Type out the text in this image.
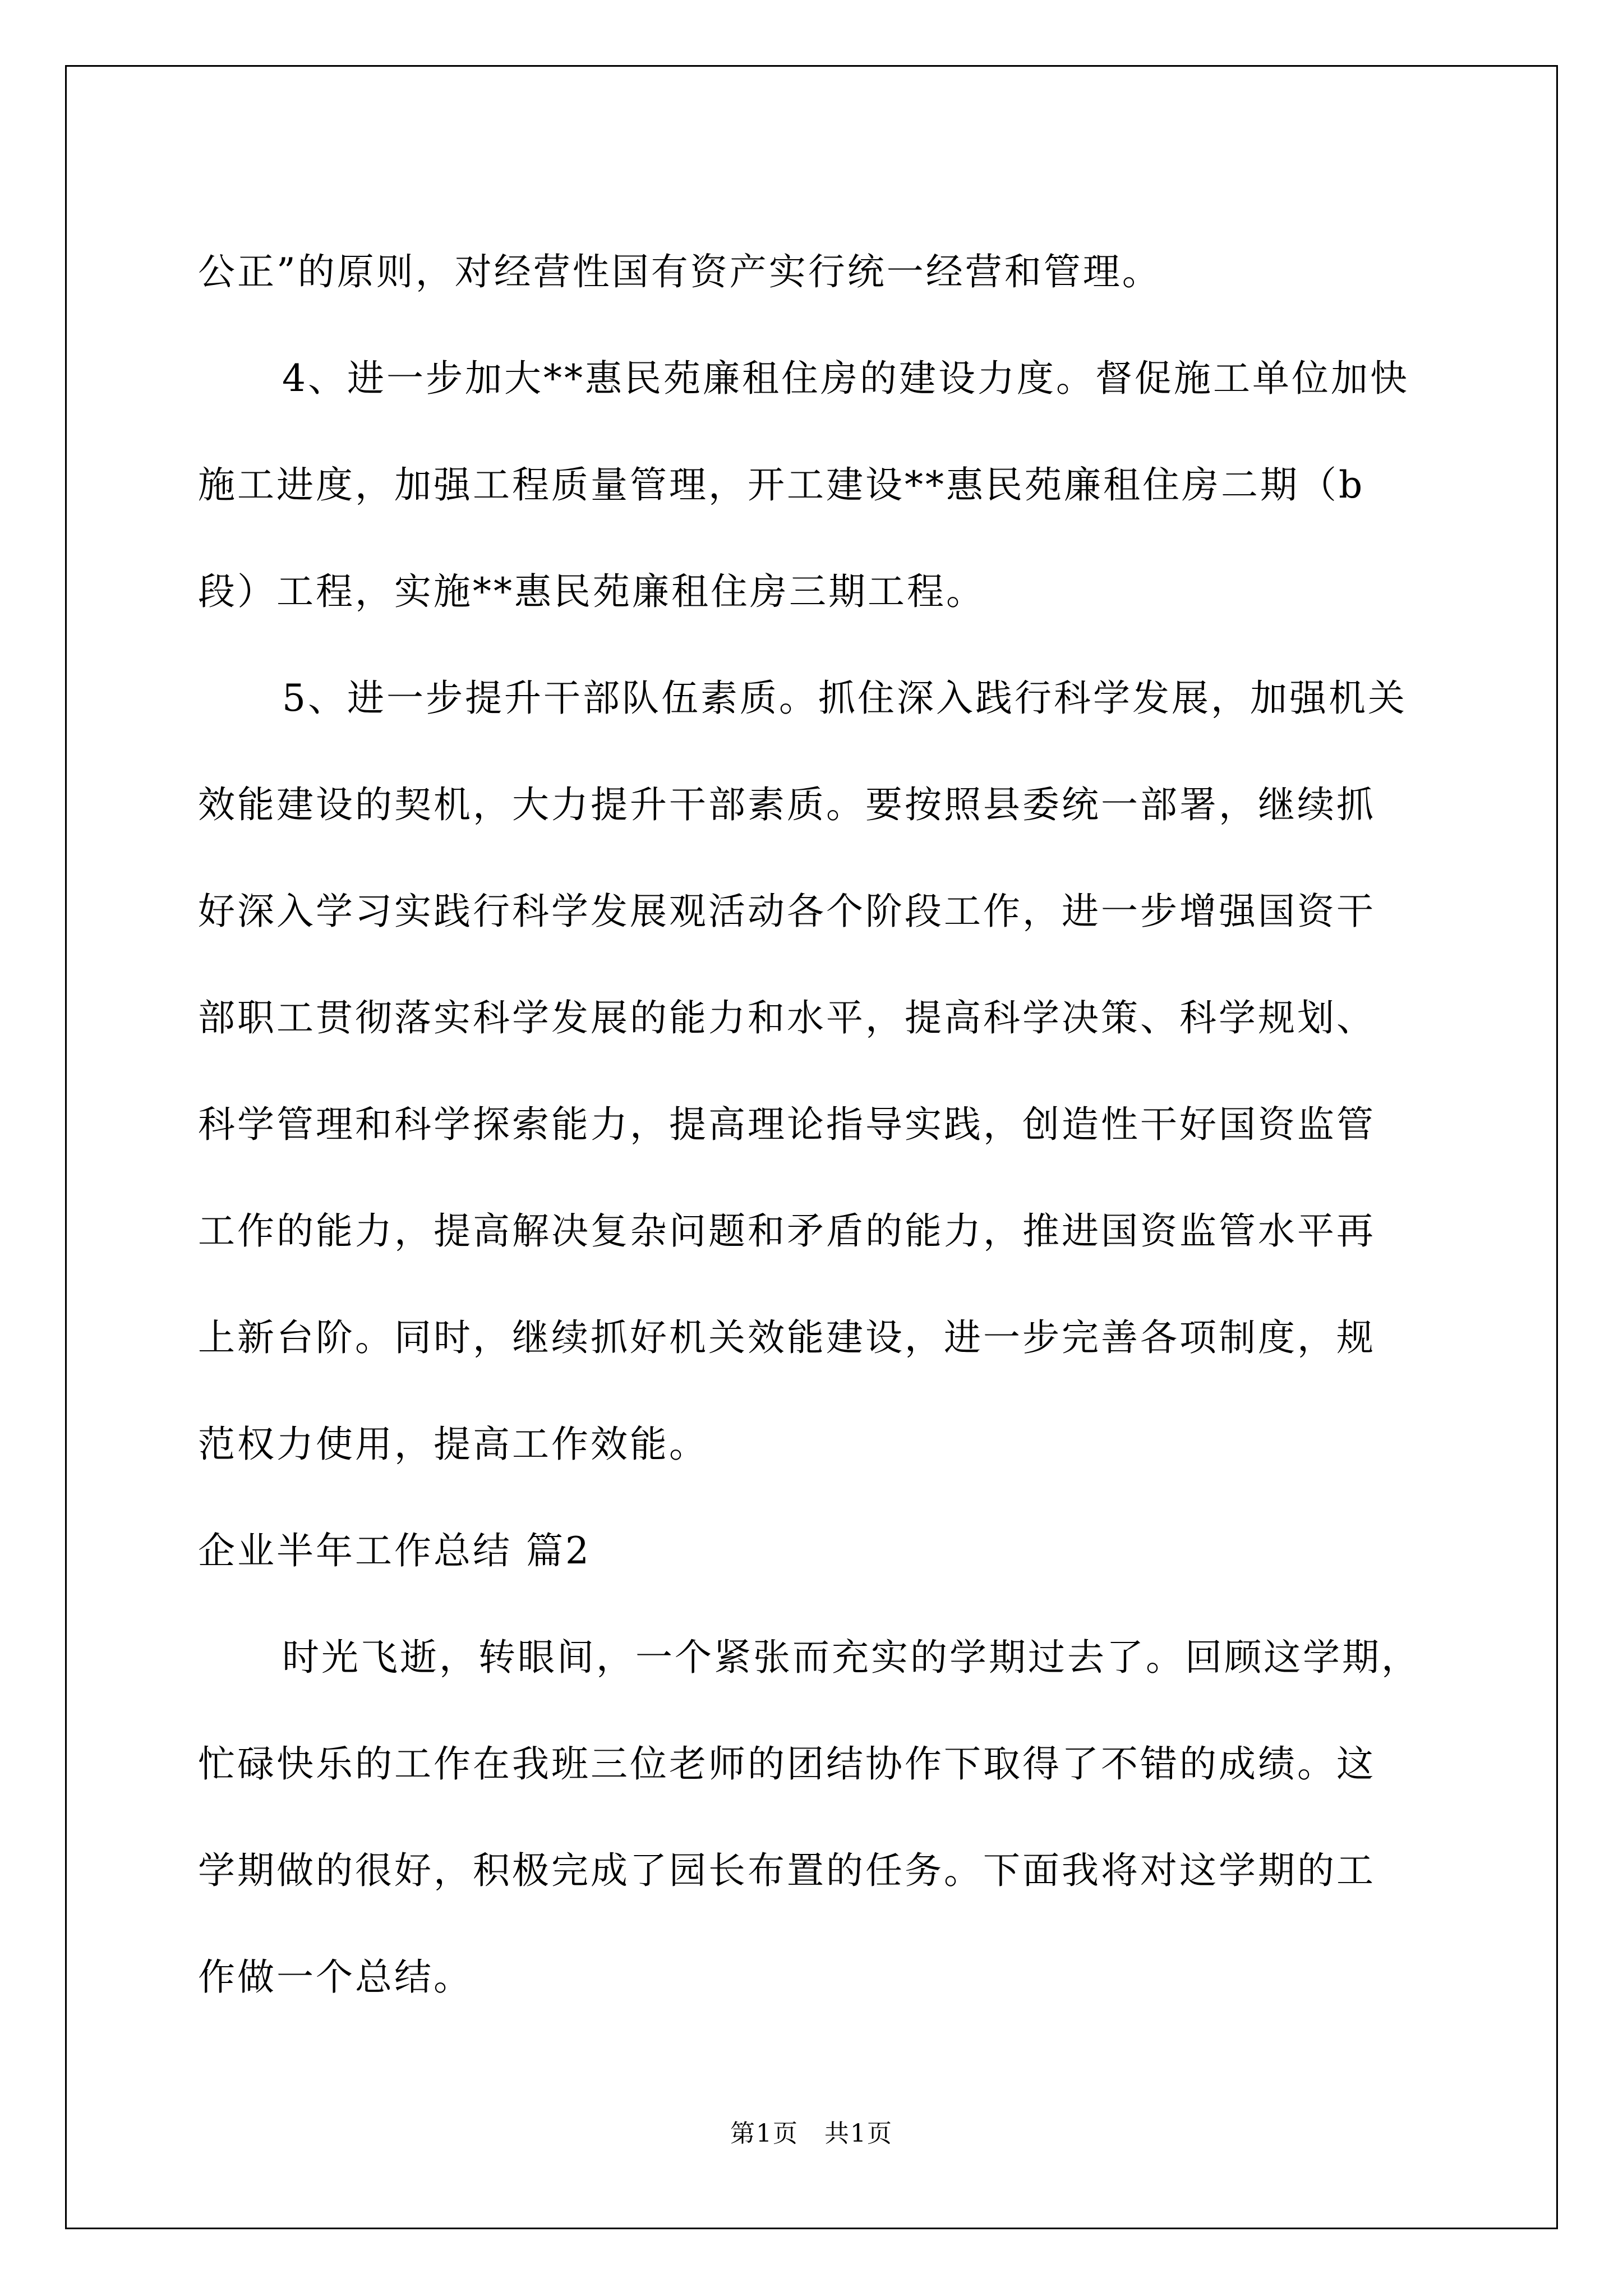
公正”的原则，对经营性国有资产实行统一经营和管理。
4、进一步加大**惠民苑廉租住房的建设力度。督促施工单位加快
施工进度，加强工程质量管理，开工建设**惠民苑廉租住房二期（b
段）工程，实施**惠民苑廉租住房三期工程。
5、进一步提升干部队伍素质。抓住深入践行科学发展，加强机关
效能建设的契机，大力提升干部素质。要按照县委统一部署，继续抓
好深入学习实践行科学发展观活动各个阶段工作，进一步增强国资干
部职工贯彻落实科学发展的能力和水平，提高科学决策、科学规划、
科学管理和科学探索能力，提高理论指导实践，创造性干好国资监管
工作的能力，提高解决复杂问题和矛盾的能力，推进国资监管水平再
上新台阶。同时，继续抓好机关效能建设，进一步完善各项制度，规
范权力使用，提高工作效能。
企业半年工作总结 篇2
时光飞逝，转眼间，一个紧张而充实的学期过去了。回顾这学期，
忙碌快乐的工作在我班三位老师的团结协作下取得了不错的成绩。这
学期做的很好，积极完成了园长布置的任务。下面我将对这学期的工
作做一个总结。
第1页　共1页
